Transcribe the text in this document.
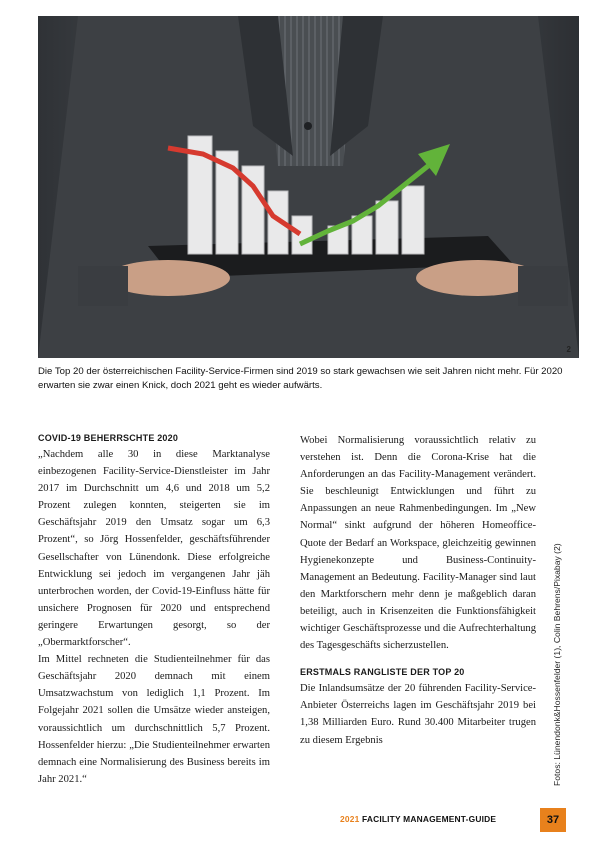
2
Die Top 20 der österreichischen Facility-Service-Firmen sind 2019 so stark gewachsen wie seit Jahren nicht mehr. Für 2020 erwarten sie zwar einen Knick, doch 2021 geht es wieder aufwärts.
COVID-19 BEHERRSCHTE 2020

„Nachdem alle 30 in diese Marktanalyse einbezogenen Facility-Service-Dienstleister im Jahr 2017 im Durchschnitt um 4,6 und 2018 um 5,2 Prozent zulegen konnten, steigerten sie im Geschäftsjahr 2019 den Umsatz sogar um 6,3 Prozent“, so Jörg Hossenfelder, geschäftsführender Gesellschafter von Lünendonk. Diese erfolgreiche Entwicklung sei jedoch im vergangenen Jahr jäh unterbrochen worden, der Covid-19-Einfluss hätte für unsichere Prognosen für 2020 und entsprechend geringere Erwartungen gesorgt, so der „Obermarktforscher“.

Im Mittel rechneten die Studienteilnehmer für das Geschäftsjahr 2020 demnach mit einem Umsatzwachstum von lediglich 1,1 Prozent. Im Folgejahr 2021 sollen die Umsätze wieder ansteigen, voraussichtlich um durchschnittlich 5,7 Prozent. Hossenfelder hierzu: „Die Studienteilnehmer erwarten demnach eine Normalisierung des Business bereits im Jahr 2021.“

Wobei Normalisierung voraussichtlich relativ zu verstehen ist. Denn die Corona-Krise hat die Anforderungen an das Facility-Management verändert. Sie beschleunigt Entwicklungen und führt zu Anpassungen an neue Rahmenbedingungen. Im „New Normal“ sinkt aufgrund der höheren Homeoffice-Quote der Bedarf an Workspace, gleichzeitig gewinnen Hygienekonzepte und Business-Continuity-Management an Bedeutung. Facility-Manager sind laut den Marktforschern mehr denn je maßgeblich daran beteiligt, auch in Krisenzeiten die Funktionsfähigkeit wichtiger Geschäftsprozesse und die Aufrechterhaltung des Tagesgeschäfts sicherzustellen.

ERSTMALS RANGLISTE DER TOP 20

Die Inlandsumsätze der 20 führenden Facility-Service-Anbieter Österreichs lagen im Geschäftsjahr 2019 bei 1,38 Milliarden Euro. Rund 30.400 Mitarbeiter trugen zu diesem Ergebnis	Fotos: Lünendonk&Hossenfelder (1), Colin Behrens/Pixabay (2)
2021 FACILITY MANAGEMENT-GUIDE	37
